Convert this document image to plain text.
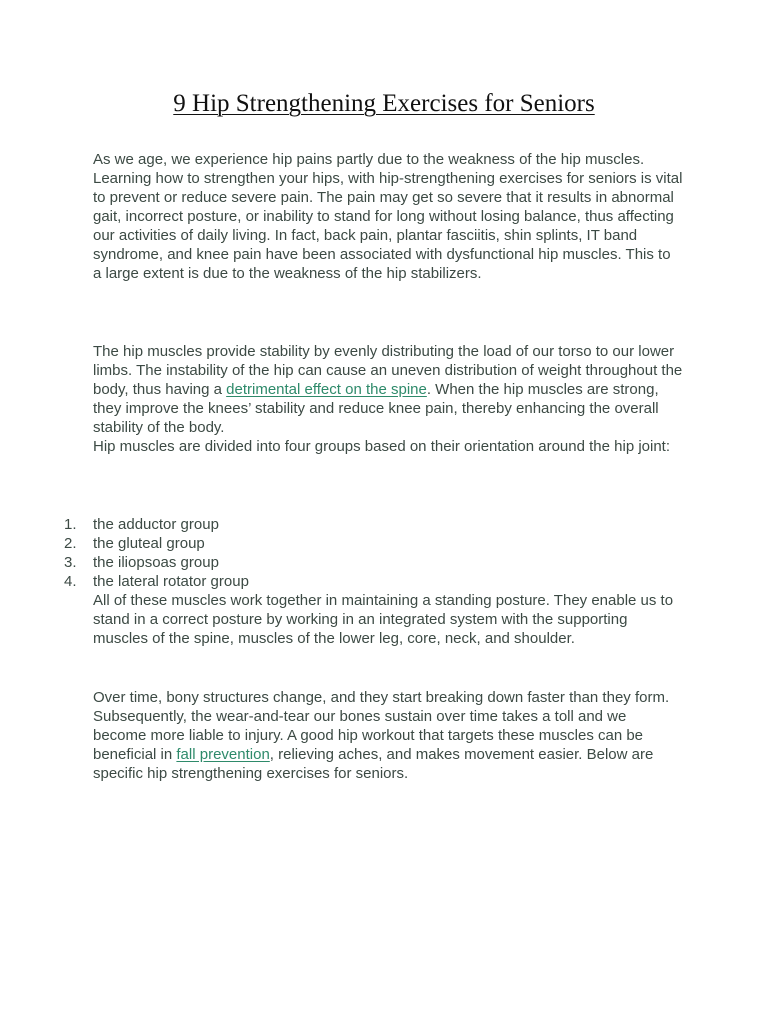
9 Hip Strengthening Exercises for Seniors

As we age, we experience hip pains partly due to the weakness of the hip muscles. Learning how to strengthen your hips, with hip-strengthening exercises for seniors is vital to prevent or reduce severe pain. The pain may get so severe that it results in abnormal gait, incorrect posture, or inability to stand for long without losing balance, thus affecting our activities of daily living. In fact, back pain, plantar fasciitis, shin splints, IT band syndrome, and knee pain have been associated with dysfunctional hip muscles. This to a large extent is due to the weakness of the hip stabilizers.

The hip muscles provide stability by evenly distributing the load of our torso to our lower limbs. The instability of the hip can cause an uneven distribution of weight throughout the body, thus having a detrimental effect on the spine. When the hip muscles are strong, they improve the knees’ stability and reduce knee pain, thereby enhancing the overall stability of the body.

Hip muscles are divided into four groups based on their orientation around the hip joint:

1.	the adductor group
2.	the gluteal group
3.	the iliopsoas group
4.	the lateral rotator group

All of these muscles work together in maintaining a standing posture. They enable us to stand in a correct posture by working in an integrated system with the supporting muscles of the spine, muscles of the lower leg, core, neck, and shoulder.

Over time, bony structures change, and they start breaking down faster than they form. Subsequently, the wear-and-tear our bones sustain over time takes a toll and we become more liable to injury. A good hip workout that targets these muscles can be beneficial in fall prevention, relieving aches, and makes movement easier. Below are specific hip strengthening exercises for seniors.
